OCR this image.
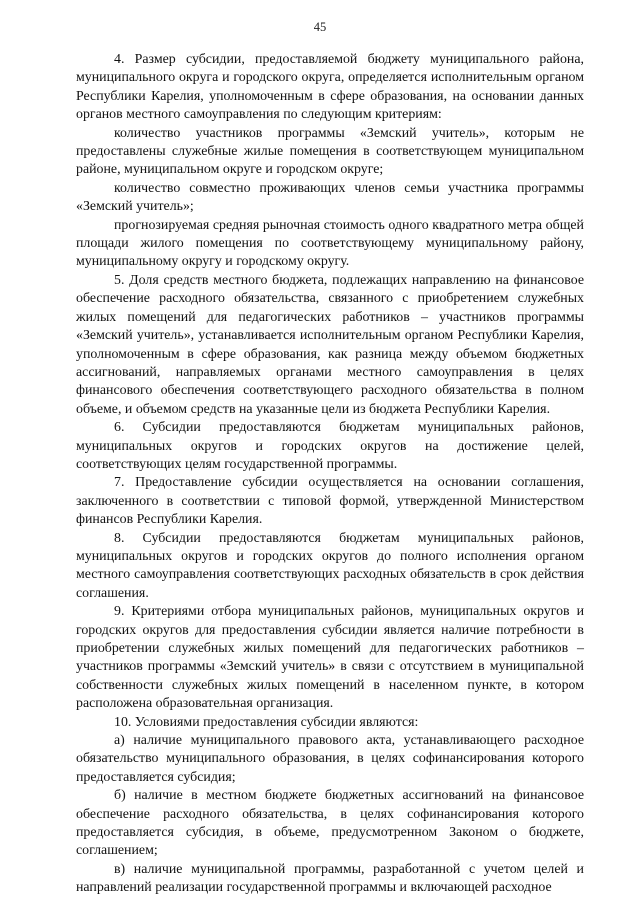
45

4. Размер субсидии, предоставляемой бюджету муниципального района, муниципального округа и городского округа, определяется исполнительным органом Республики Карелия, уполномоченным в сфере образования, на основании данных органов местного самоуправления по следующим критериям:

количество участников программы «Земский учитель», которым не предоставлены служебные жилые помещения в соответствующем муниципальном районе, муниципальном округе и городском округе;

количество совместно проживающих членов семьи участника программы «Земский учитель»;

прогнозируемая средняя рыночная стоимость одного квадратного метра общей площади жилого помещения по соответствующему муниципальному району, муниципальному округу и городскому округу.

5. Доля средств местного бюджета, подлежащих направлению на финансовое обеспечение расходного обязательства, связанного с приобретением служебных жилых помещений для педагогических работников – участников программы «Земский учитель», устанавливается исполнительным органом Республики Карелия, уполномоченным в сфере образования, как разница между объемом бюджетных ассигнований, направляемых органами местного самоуправления в целях финансового обеспечения соответствующего расходного обязательства в полном объеме, и объемом средств на указанные цели из бюджета Республики Карелия.

6. Субсидии предоставляются бюджетам муниципальных районов, муниципальных округов и городских округов на достижение целей, соответствующих целям государственной программы.

7. Предоставление субсидии осуществляется на основании соглашения, заключенного в соответствии с типовой формой, утвержденной Министерством финансов Республики Карелия.

8. Субсидии предоставляются бюджетам муниципальных районов, муниципальных округов и городских округов до полного исполнения органом местного самоуправления соответствующих расходных обязательств в срок действия соглашения.

9. Критериями отбора муниципальных районов, муниципальных округов и городских округов для предоставления субсидии является наличие потребности в приобретении служебных жилых помещений для педагогических работников – участников программы «Земский учитель» в связи с отсутствием в муниципальной собственности служебных жилых помещений в населенном пункте, в котором расположена образовательная организация.

10. Условиями предоставления субсидии являются:

а) наличие муниципального правового акта, устанавливающего расходное обязательство муниципального образования, в целях софинансирования которого предоставляется субсидия;

б) наличие в местном бюджете бюджетных ассигнований на финансовое обеспечение расходного обязательства, в целях софинансирования которого предоставляется субсидия, в объеме, предусмотренном Законом о бюджете, соглашением;

в) наличие муниципальной программы, разработанной с учетом целей и направлений реализации государственной программы и включающей расходное
